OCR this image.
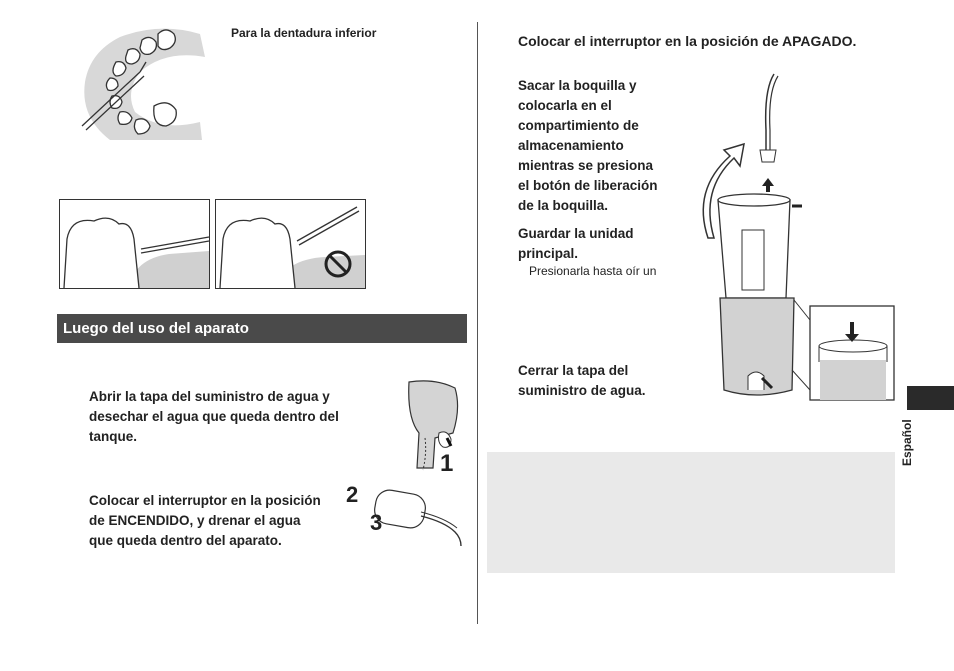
Para la dentadura inferior
Luego del uso del aparato
Abrir la tapa del suministro de agua y
desechar el agua que queda dentro del
tanque.
1
Colocar el interruptor en la posición
de ENCENDIDO, y drenar el agua
que queda dentro del aparato.
2
3
Colocar el interruptor en la posición de APAGADO.
Sacar la boquilla y
colocarla en el
compartimiento de
almacenamiento
mientras se presiona
el botón de liberación
de la boquilla.
Guardar la unidad
principal.
Presionarla hasta oír un
Cerrar la tapa del
suministro de agua.
Español
